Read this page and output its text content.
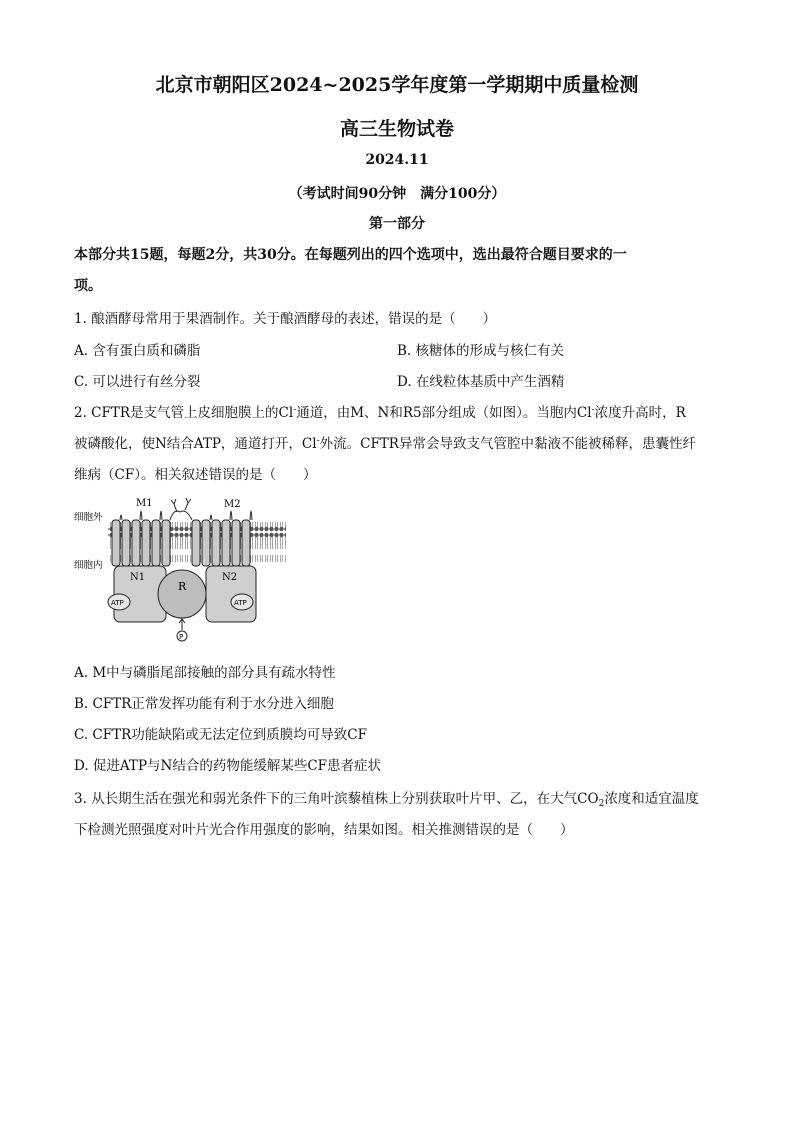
北京市朝阳区2024~2025学年度第一学期期中质量检测
高三生物试卷
2024.11
（考试时间90分钟　满分100分）
第一部分
本部分共15题，每题2分，共30分。在每题列出的四个选项中，选出最符合题目要求的一
项。
1. 酿酒酵母常用于果酒制作。关于酿酒酵母的表述，错误的是（　　）
A. 含有蛋白质和磷脂	B. 核糖体的形成与核仁有关
C. 可以进行有丝分裂	D. 在线粒体基质中产生酒精
2. CFTR是支气管上皮细胞膜上的Cl-通道，由M、N和R5部分组成（如图）。当胞内Cl-浓度升高时，R
被磷酸化，使N结合ATP，通道打开，Cl-外流。CFTR异常会导致支气管腔中黏液不能被稀释，患囊性纤
维病（CF）。相关叙述错误的是（　　）
细胞外
细胞内
M1	M2
N1	N2
R
ATP	ATP
P
A. M中与磷脂尾部接触的部分具有疏水特性
B. CFTR正常发挥功能有利于水分进入细胞
C. CFTR功能缺陷或无法定位到质膜均可导致CF
D. 促进ATP与N结合的药物能缓解某些CF患者症状
3. 从长期生活在强光和弱光条件下的三角叶滨藜植株上分别获取叶片甲、乙，在大气$CO_2$浓度和适宜温度
下检测光照强度对叶片光合作用强度的影响，结果如图。相关推测错误的是（　　）
